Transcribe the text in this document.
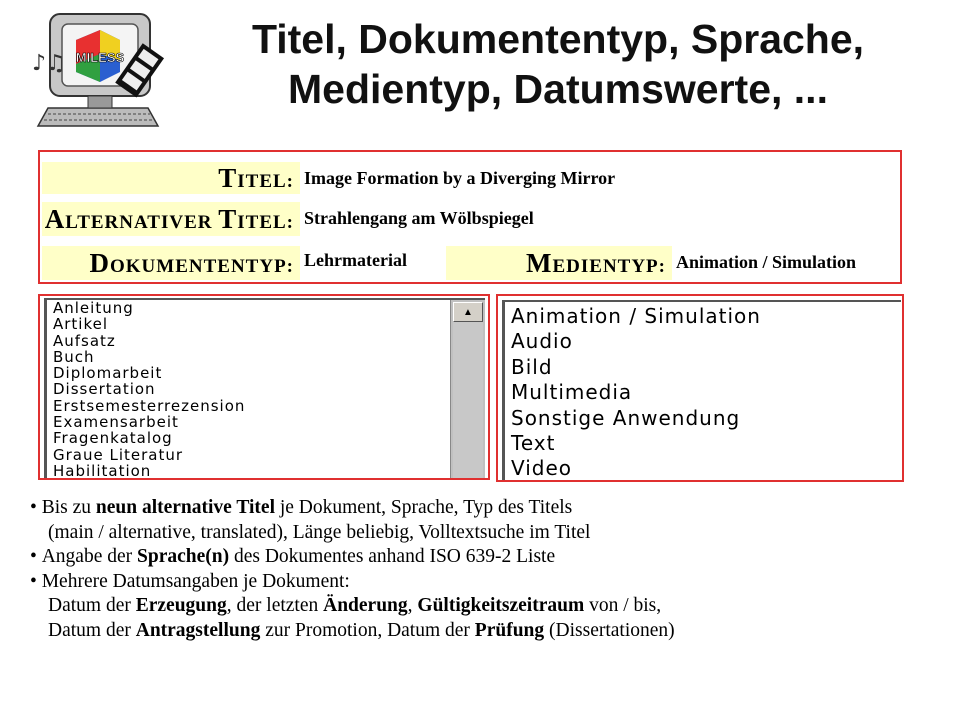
MILESS
♪♫
Titel, Dokumententyp, Sprache,
Medientyp, Datumswerte, ...
TITEL: Image Formation by a Diverging Mirror
ALTERNATIVER TITEL: Strahlengang am Wölbspiegel
DOKUMENTENTYP: Lehrmaterial	MEDIENTYP: Animation / Simulation
Anleitung
Artikel
Aufsatz
Buch
Diplomarbeit
Dissertation
Erstsemesterrezension
Examensarbeit
Fragenkatalog
Graue Literatur
Habilitation
▲	Animation / Simulation
Audio
Bild
Multimedia
Sonstige Anwendung
Text
Video
• Bis zu neun alternative Titel je Dokument, Sprache, Typ des Titels
(main / alternative, translated), Länge beliebig, Volltextsuche im Titel
• Angabe der Sprache(n) des Dokumentes anhand ISO 639-2 Liste
• Mehrere Datumsangaben je Dokument:
Datum der Erzeugung, der letzten Änderung, Gültigkeitszeitraum von / bis,
Datum der Antragstellung zur Promotion, Datum der Prüfung (Dissertationen)
